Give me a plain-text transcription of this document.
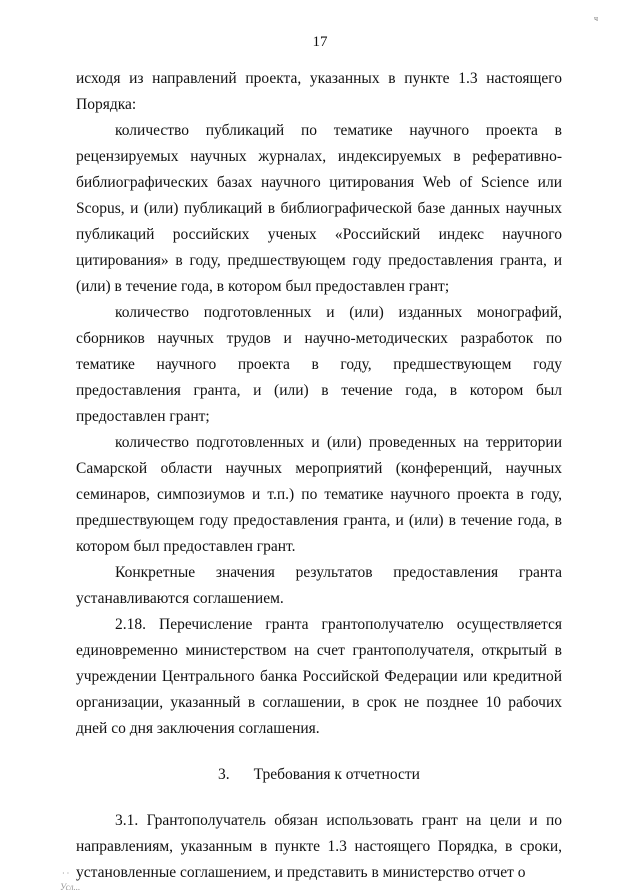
ч
17

исходя из направлений проекта, указанных в пункте 1.3 настоящего Порядка:

количество публикаций по тематике научного проекта в рецензируемых научных журналах, индексируемых в реферативно-библиографических базах научного цитирования Web of Science или Scopus, и (или) публикаций в библиографической базе данных научных публикаций российских ученых «Российский индекс научного цитирования» в году, предшествующем году предоставления гранта, и (или) в течение года, в котором был предоставлен грант;

количество подготовленных и (или) изданных монографий, сборников научных трудов и научно-методических разработок по тематике научного проекта в году, предшествующем году предоставления гранта, и (или) в течение года, в котором был предоставлен грант;

количество подготовленных и (или) проведенных на территории Самарской области научных мероприятий (конференций, научных семинаров, симпозиумов и т.п.) по тематике научного проекта в году, предшествующем году предоставления гранта, и (или) в течение года, в котором был предоставлен грант.

Конкретные значения результатов предоставления гранта устанавливаются соглашением.

2.18. Перечисление гранта грантополучателю осуществляется единовременно министерством на счет грантополучателя, открытый в учреждении Центрального банка Российской Федерации или кредитной организации, указанный в соглашении, в срок не позднее 10 рабочих дней со дня заключения соглашения.

3. Требования к отчетности

3.1. Грантополучатель обязан использовать грант на цели и по направлениям, указанным в пункте 1.3 настоящего Порядка, в сроки, установленные соглашением, и представить в министерство отчет о

· ·
Усл...
